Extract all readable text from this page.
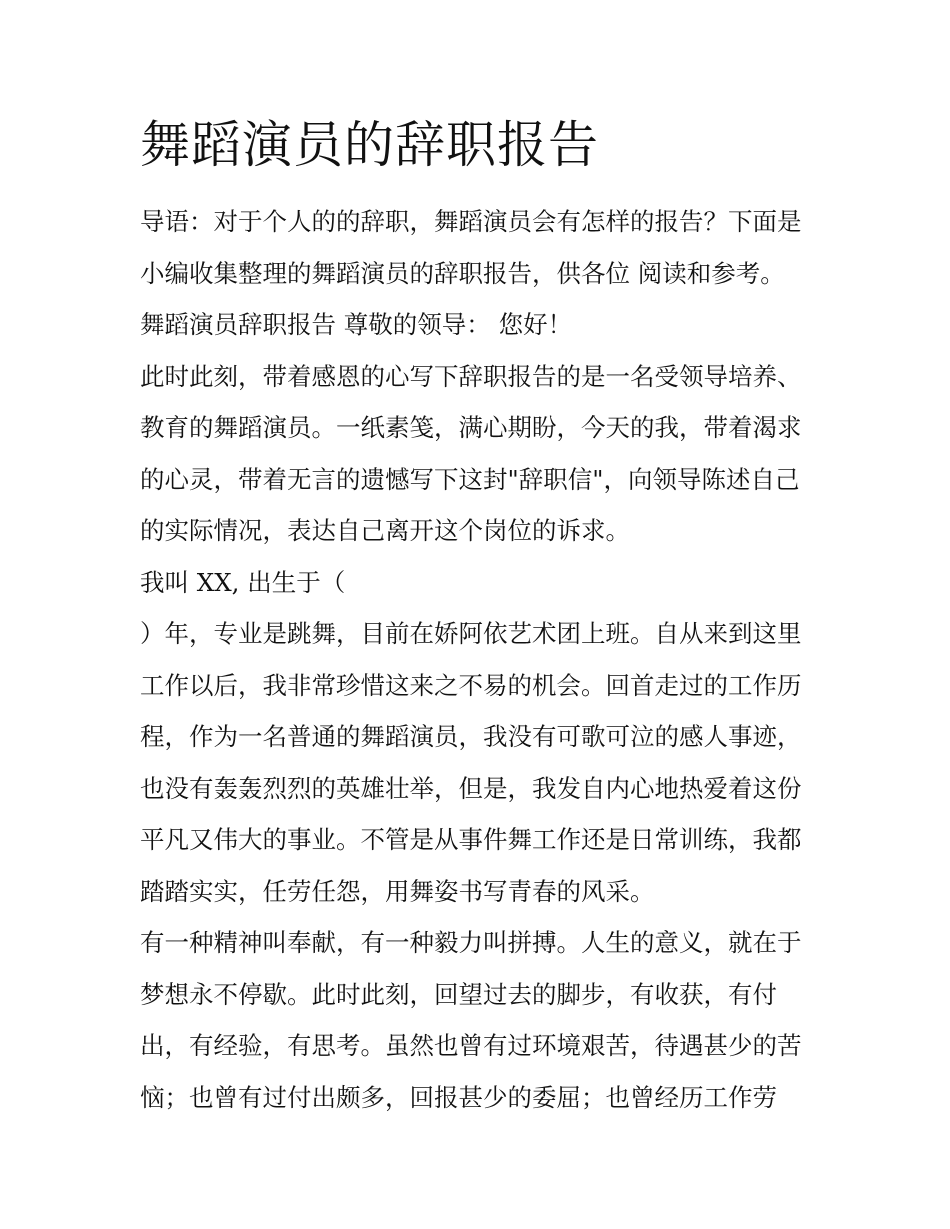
舞蹈演员的辞职报告

导语：对于个人的的辞职，舞蹈演员会有怎样的报告？下面是

小编收集整理的舞蹈演员的辞职报告，供各位 阅读和参考。

舞蹈演员辞职报告 尊敬的领导： 您好！

此时此刻，带着感恩的心写下辞职报告的是一名受领导培养、

教育的舞蹈演员。一纸素笺，满心期盼，今天的我，带着渴求

的心灵，带着无言的遗憾写下这封"辞职信"，向领导陈述自己

的实际情况，表达自己离开这个岗位的诉求。

我叫 XX, 出生于（

）年，专业是跳舞，目前在娇阿依艺术团上班。自从来到这里

工作以后，我非常珍惜这来之不易的机会。回首走过的工作历

程，作为一名普通的舞蹈演员，我没有可歌可泣的感人事迹，

也没有轰轰烈烈的英雄壮举，但是，我发自内心地热爱着这份

平凡又伟大的事业。不管是从事件舞工作还是日常训练，我都

踏踏实实，任劳任怨，用舞姿书写青春的风采。

有一种精神叫奉献，有一种毅力叫拼搏。人生的意义，就在于

梦想永不停歇。此时此刻，回望过去的脚步，有收获，有付

出，有经验，有思考。虽然也曾有过环境艰苦，待遇甚少的苦

恼；也曾有过付出颇多，回报甚少的委屈；也曾经历工作劳
